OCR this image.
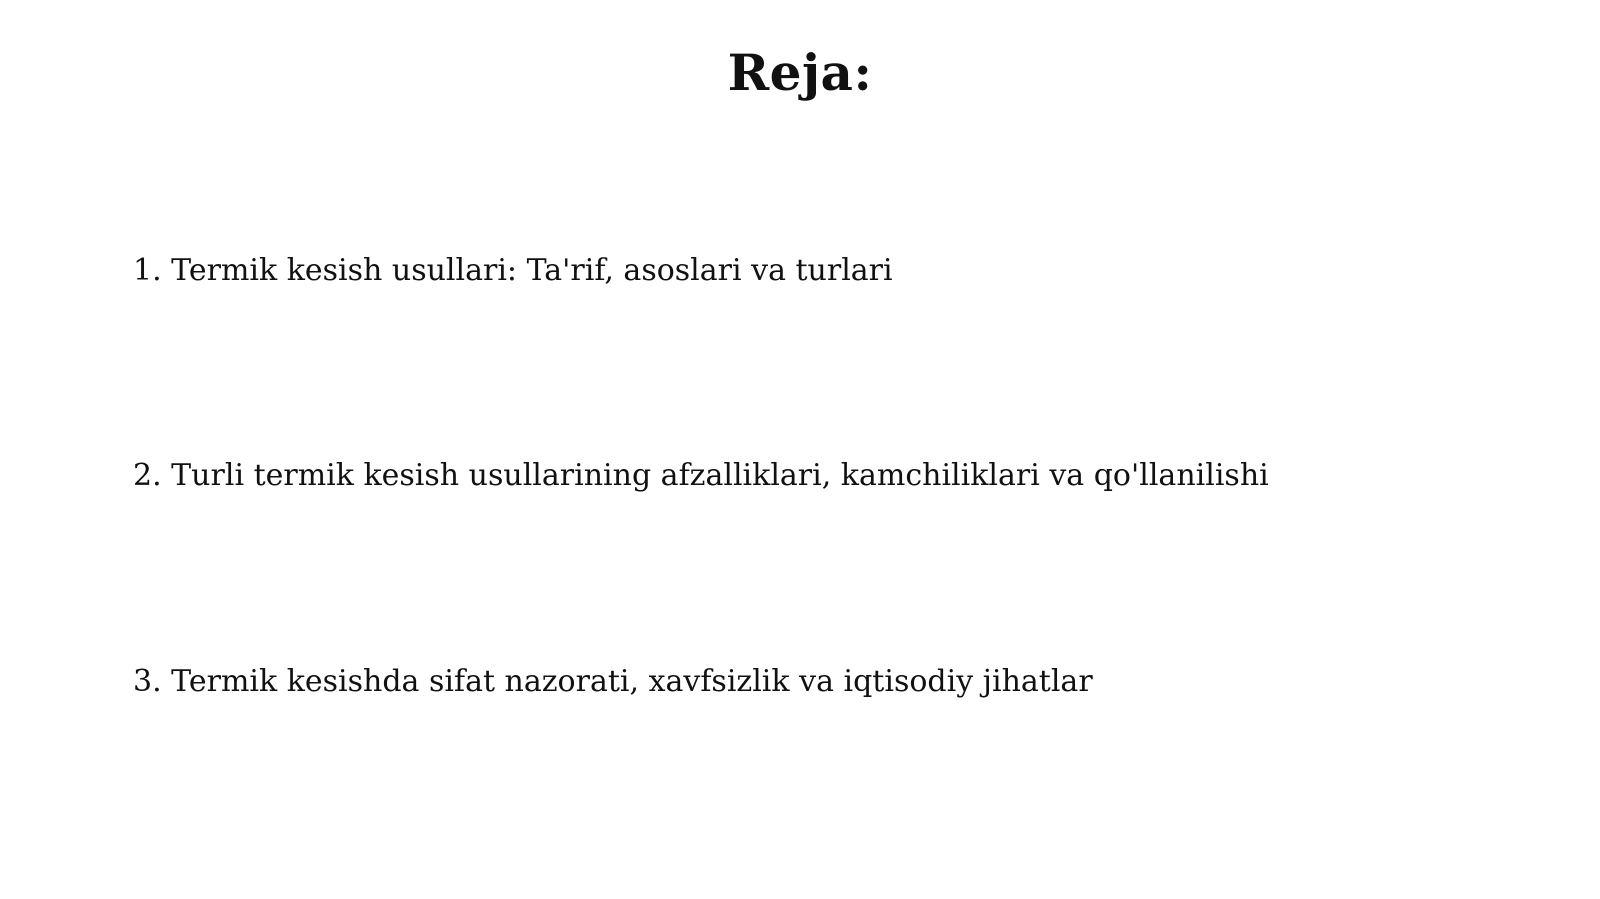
Reja:
1. Termik kesish usullari: Ta'rif, asoslari va turlari
2. Turli termik kesish usullarining afzalliklari, kamchiliklari va qo'llanilishi
3. Termik kesishda sifat nazorati, xavfsizlik va iqtisodiy jihatlar
